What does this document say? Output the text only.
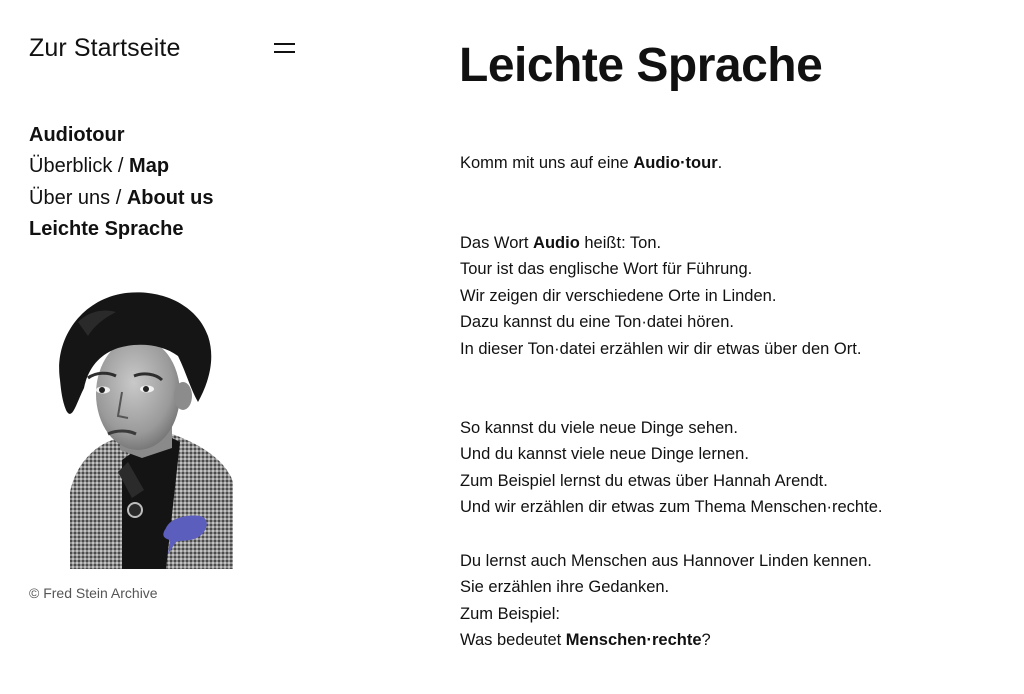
Zur Startseite
Audiotour
Überblick / Map
Über uns / About us
Leichte Sprache
© Fred Stein Archive
Leichte Sprache

Komm mit uns auf eine Audio·tour.

Das Wort Audio heißt: Ton.
Tour ist das englische Wort für Führung.
Wir zeigen dir verschiedene Orte in Linden.
Dazu kannst du eine Ton·datei hören.
In dieser Ton·datei erzählen wir dir etwas über den Ort.

So kannst du viele neue Dinge sehen.
Und du kannst viele neue Dinge lernen.
Zum Beispiel lernst du etwas über Hannah Arendt.
Und wir erzählen dir etwas zum Thema Menschen·rechte.

Du lernst auch Menschen aus Hannover Linden kennen.
Sie erzählen ihre Gedanken.
Zum Beispiel:
Was bedeutet Menschen·rechte?
